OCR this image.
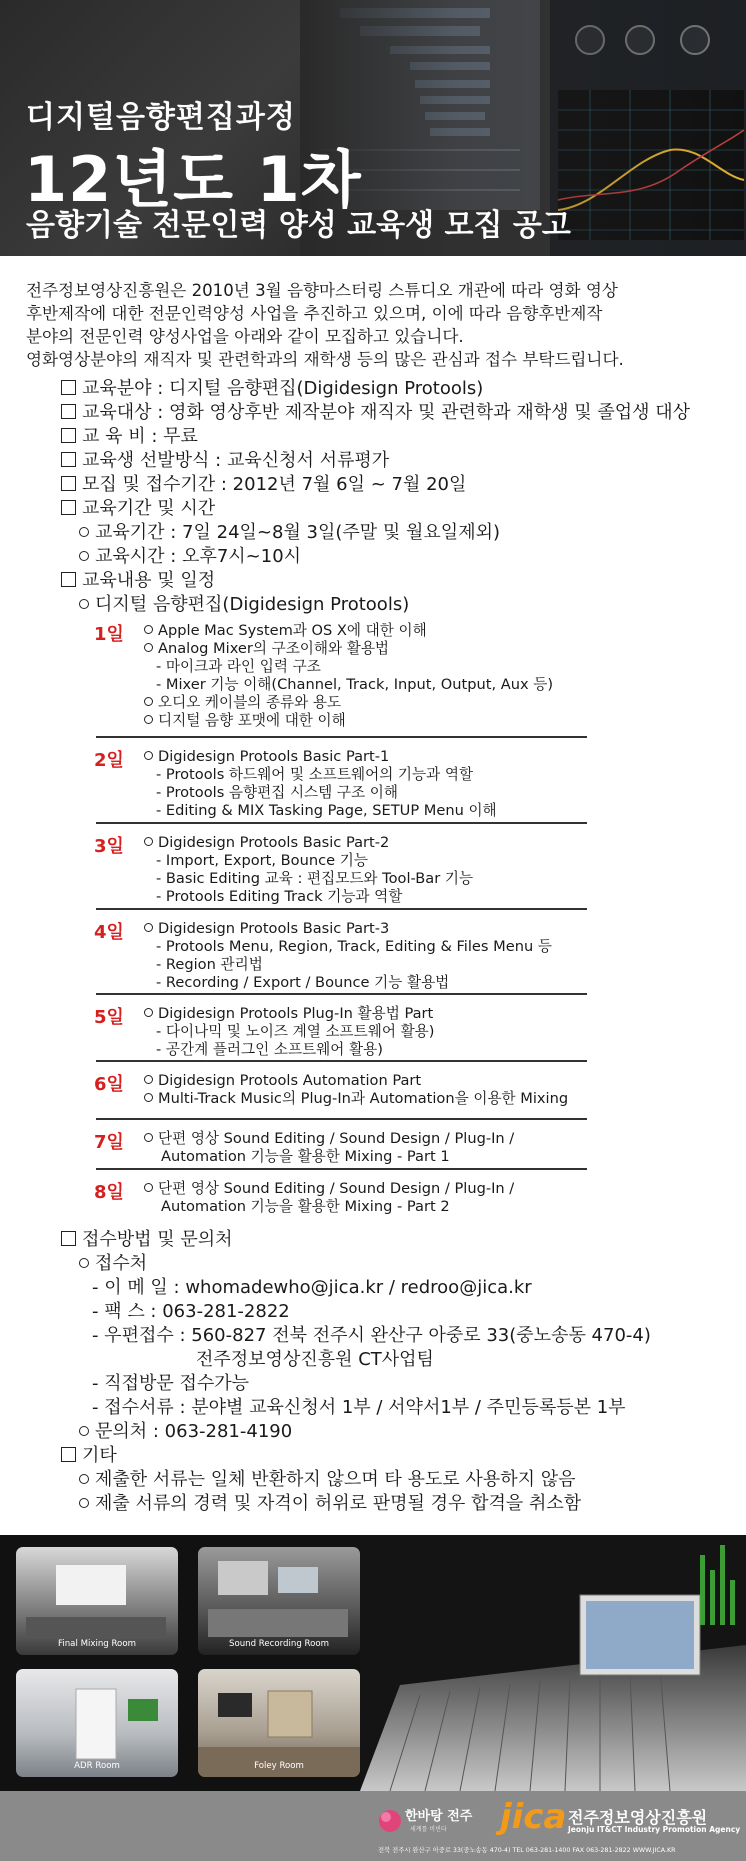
디지털음향편집과정
12년도 1차
음향기술 전문인력 양성 교육생 모집 공고

전주정보영상진흥원은 2010년 3월 음향마스터링 스튜디오 개관에 따라 영화 영상

후반제작에 대한 전문인력양성 사업을 추진하고 있으며, 이에 따라 음향후반제작

분야의 전문인력 양성사업을 아래와 같이 모집하고 있습니다.

영화영상분야의 재직자 및 관련학과의 재학생 등의 많은 관심과 접수 부탁드립니다.

교육분야 : 디지털 음향편집(Digidesign Protools)
교육대상 : 영화 영상후반 제작분야 재직자 및 관련학과 재학생 및 졸업생 대상
교 육 비 : 무료
교육생 선발방식 : 교육신청서 서류평가
모집 및 접수기간 : 2012년 7월 6일 ~ 7월 20일
교육기간 및 시간
교육기간 : 7일 24일~8월 3일(주말 및 월요일제외)
교육시간 : 오후7시~10시
교육내용 및 일정
디지털 음향편집(Digidesign Protools)
접수방법 및 문의처
접수처
- 이 메 일 : whomadewho@jica.kr / redroo@jica.kr
- 팩 스 : 063-281-2822
- 우편접수 : 560-827 전북 전주시 완산구 아중로 33(중노송동 470-4)
전주정보영상진흥원 CT사업팀
- 직접방문 접수가능
- 접수서류 : 분야별 교육신청서 1부 / 서약서1부 / 주민등록등본 1부
문의처 : 063-281-4190
기타
제출한 서류는 일체 반환하지 않으며 타 용도로 사용하지 않음
제출 서류의 경력 및 자격이 허위로 판명될 경우 합격을 취소함
Final Mixing Room	Sound Recording Room
ADR Room	Foley Room
한바탕 전주
세계를 비빈다 jica 전주정보영상진흥원
Jeonju IT&CT Industry Promotion Agency
전북 전주시 완산구 아중로 33(중노송동 470-4) TEL 063-281-1400 FAX 063-281-2822 WWW.JICA.KR
1일	Apple Mac System과 OS X에 대한 이해
Analog Mixer의 구조이해와 활용법
- 마이크과 라인 입력 구조
- Mixer 기능 이해(Channel, Track, Input, Output, Aux 등)
오디오 케이블의 종류와 용도
디지털 음향 포맷에 대한 이해
2일	Digidesign Protools Basic Part-1
- Protools 하드웨어 및 소프트웨어의 기능과 역할
- Protools 음향편집 시스템 구조 이해
- Editing & MIX Tasking Page, SETUP Menu 이해
3일	Digidesign Protools Basic Part-2
- Import, Export, Bounce 기능
- Basic Editing 교육 : 편집모드와 Tool-Bar 기능
- Protools Editing Track 기능과 역할
4일	Digidesign Protools Basic Part-3
- Protools Menu, Region, Track, Editing & Files Menu 등
- Region 관리법
- Recording / Export / Bounce 기능 활용법
5일	Digidesign Protools Plug-In 활용법 Part
- 다이나믹 및 노이즈 계열 소프트웨어 활용)
- 공간계 플러그인 소프트웨어 활용)
6일	Digidesign Protools Automation Part
Multi-Track Music의 Plug-In과 Automation을 이용한 Mixing
7일	단편 영상 Sound Editing / Sound Design / Plug-In /
Automation 기능을 활용한 Mixing - Part 1
8일	단편 영상 Sound Editing / Sound Design / Plug-In /
Automation 기능을 활용한 Mixing - Part 2
